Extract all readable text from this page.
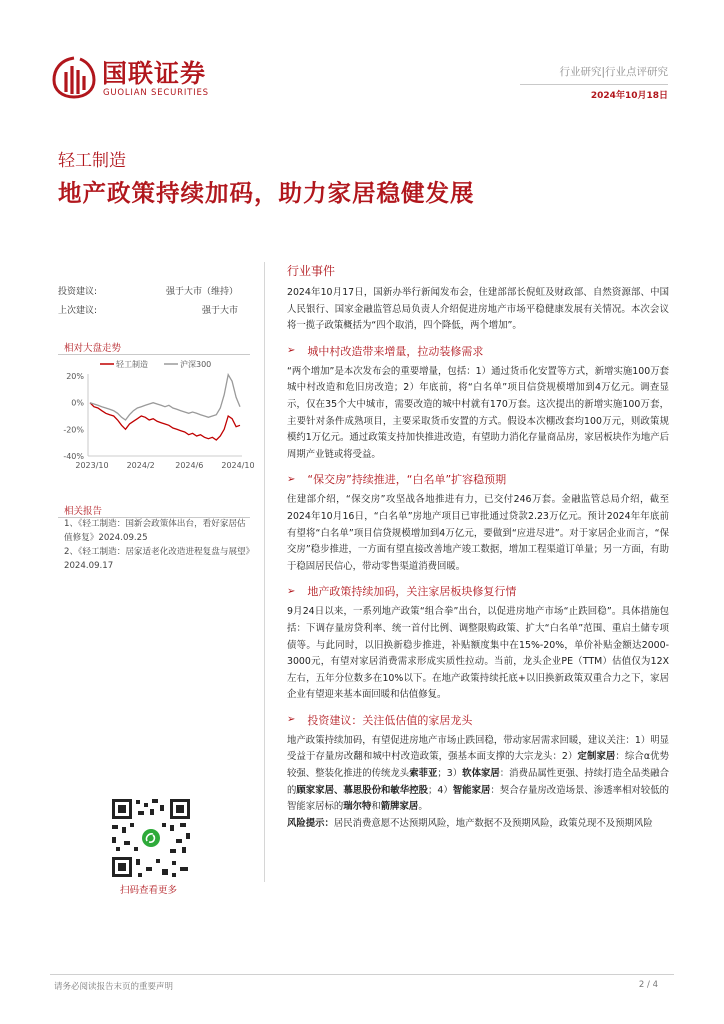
国联证券
GUOLIAN SECURITIES
行业研究|行业点评研究
2024年10月18日
轻工制造
地产政策持续加码，助力家居稳健发展
投资建议:	强于大市（维持）
上次建议:	强于大市
相对大盘走势
轻工制造	沪深300
20%
0%
-20%
-40%
2023/10 2024/2	2024/6 2024/10
相关报告
1、《轻工制造：国新会政策体出台，看好家居估值修复》2024.09.25
2、《轻工制造：居家适老化改造进程复盘与展望》2024.09.17
扫码查看更多
行业事件
2024年10月17日，国新办举行新闻发布会，住建部部长倪虹及财政部、自然资源部、中国人民银行、国家金融监管总局负责人介绍促进房地产市场平稳健康发展有关情况。本次会议将一揽子政策概括为“四个取消，四个降低，两个增加”。
➢ 城中村改造带来增量，拉动装修需求
“两个增加”是本次发布会的重要增量，包括：1）通过货币化安置等方式，新增实施100万套城中村改造和危旧房改造；2）年底前，将“白名单”项目信贷规模增加到4万亿元。调查显示，仅在35个大中城市，需要改造的城中村就有170万套。这次提出的新增实施100万套，主要针对条件成熟项目，主要采取货币安置的方式。假设本次棚改套均100万元，则政策规模约1万亿元。通过政策支持加快推进改造，有望助力消化存量商品房，家居板块作为地产后周期产业链或将受益。
➢ “保交房”持续推进，“白名单”扩容稳预期
住建部介绍，“保交房”攻坚战各地推进有力，已交付246万套。金融监管总局介绍，截至2024年10月16日，“白名单”房地产项目已审批通过贷款2.23万亿元。预计2024年年底前有望将“白名单”项目信贷规模增加到4万亿元，要做到“应进尽进”。对于家居企业而言，“保交房”稳步推进，一方面有望直接改善地产竣工数据，增加工程渠道订单量；另一方面，有助于稳固居民信心，带动零售渠道消费回暖。
➢ 地产政策持续加码，关注家居板块修复行情
9月24日以来，一系列地产政策“组合拳”出台，以促进房地产市场“止跌回稳”。具体措施包括：下调存量房贷利率、统一首付比例、调整限购政策、扩大“白名单”范围、重启土储专项债等。与此同时，以旧换新稳步推进，补贴额度集中在15%-20%，单价补贴金额达2000-3000元，有望对家居消费需求形成实质性拉动。当前，龙头企业PE（TTM）估值仅为12X左右，五年分位数多在10%以下。在地产政策持续托底+以旧换新政策双重合力之下，家居企业有望迎来基本面回暖和估值修复。
➢ 投资建议：关注低估值的家居龙头
地产政策持续加码，有望促进房地产市场止跌回稳，带动家居需求回暖，建议关注：1）明显受益于存量房改翻和城中村改造政策，强基本面支撑的大宗龙头：2）定制家居：综合α优势较强、整装化推进的传统龙头索菲亚；3）软体家居：消费品属性更强、持续打造全品类融合的顾家家居、慕思股份和敏华控股；4）智能家居：契合存量房改造场景、渗透率相对较低的智能家居标的瑞尔特和箭牌家居。
风险提示：居民消费意愿不达预期风险，地产数据不及预期风险，政策兑现不及预期风险
请务必阅读报告末页的重要声明	2 / 4
